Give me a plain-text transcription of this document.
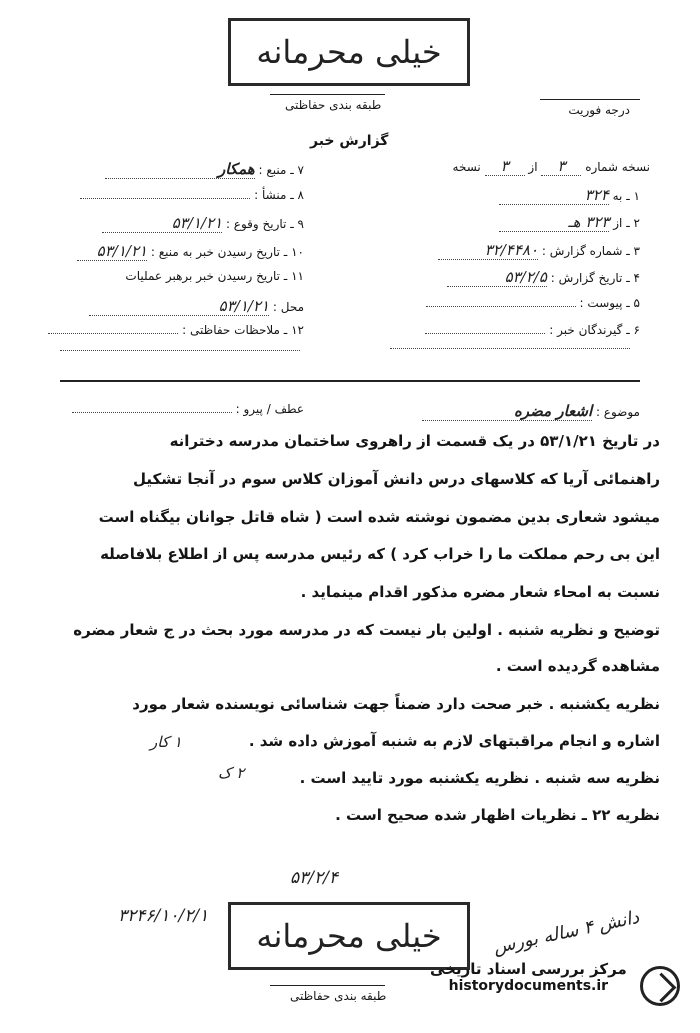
خیلی محرمانه
طبقه بندی حفاظتی	درجه فوریت
گزارش خبر
نسخه شماره ۳ از ۳ نسخه
۱ ـ به ۳۲۴
۲ ـ از ۳۲۳ هـ
۳ ـ شماره گزارش : ۳۲/۴۴۸۰
۴ ـ تاریخ گزارش : ۵۳/۲/۵
۵ ـ پیوست :
۶ ـ گیرندگان خبر :
۷ ـ منبع : همکار
۸ ـ منشأ :
۹ ـ تاریخ وقوع : ۵۳/۱/۲۱
۱۰ ـ تاریخ رسیدن خبر به منبع : ۵۳/۱/۲۱
۱۱ ـ تاریخ رسیدن خبر برهبر عملیات
محل : ۵۳/۱/۲۱
۱۲ ـ ملاحظات حفاظتی :
موضوع : اشعار مضره
عطف / پیرو :
در تاریخ ۵۳/۱/۲۱ در یک قسمت از راهروی ساختمان مدرسه دخترانه
راهنمائی آریا که کلاسهای درس دانش آموزان کلاس سوم در آنجا تشکیل
میشود شعاری بدین مضمون نوشته شده است ( شاه قاتل جوانان بیگناه است
این بی رحم مملکت ما را خراب کرد ) که رئیس مدرسه پس از اطلاع بلافاصله
نسبت به امحاء شعار مضره مذکور اقدام مینماید .
توضیح و نظریه شنبه . اولین بار نیست که در مدرسه مورد بحث در ج شعار مضره
مشاهده گردیده است .
نظریه یکشنبه . خبر صحت دارد ضمناً جهت شناسائی نویسنده شعار مورد
اشاره و انجام مراقبتهای لازم به شنبه آموزش داده شد .
نظریه سه شنبه . نظریه یکشنبه مورد تایید است .
نظریه ۲۲ ـ نظریات اظهار شده صحیح است .
۱ کار
۲ ک
۵۳/۲/۴
۳۲۴۶/۱۰/۲/۱
دانش ۴ ساله بورس
خیلی محرمانه
طبقه بندی حفاظتی
مرکز بررسی اسناد تاریخی
historydocuments.ir
